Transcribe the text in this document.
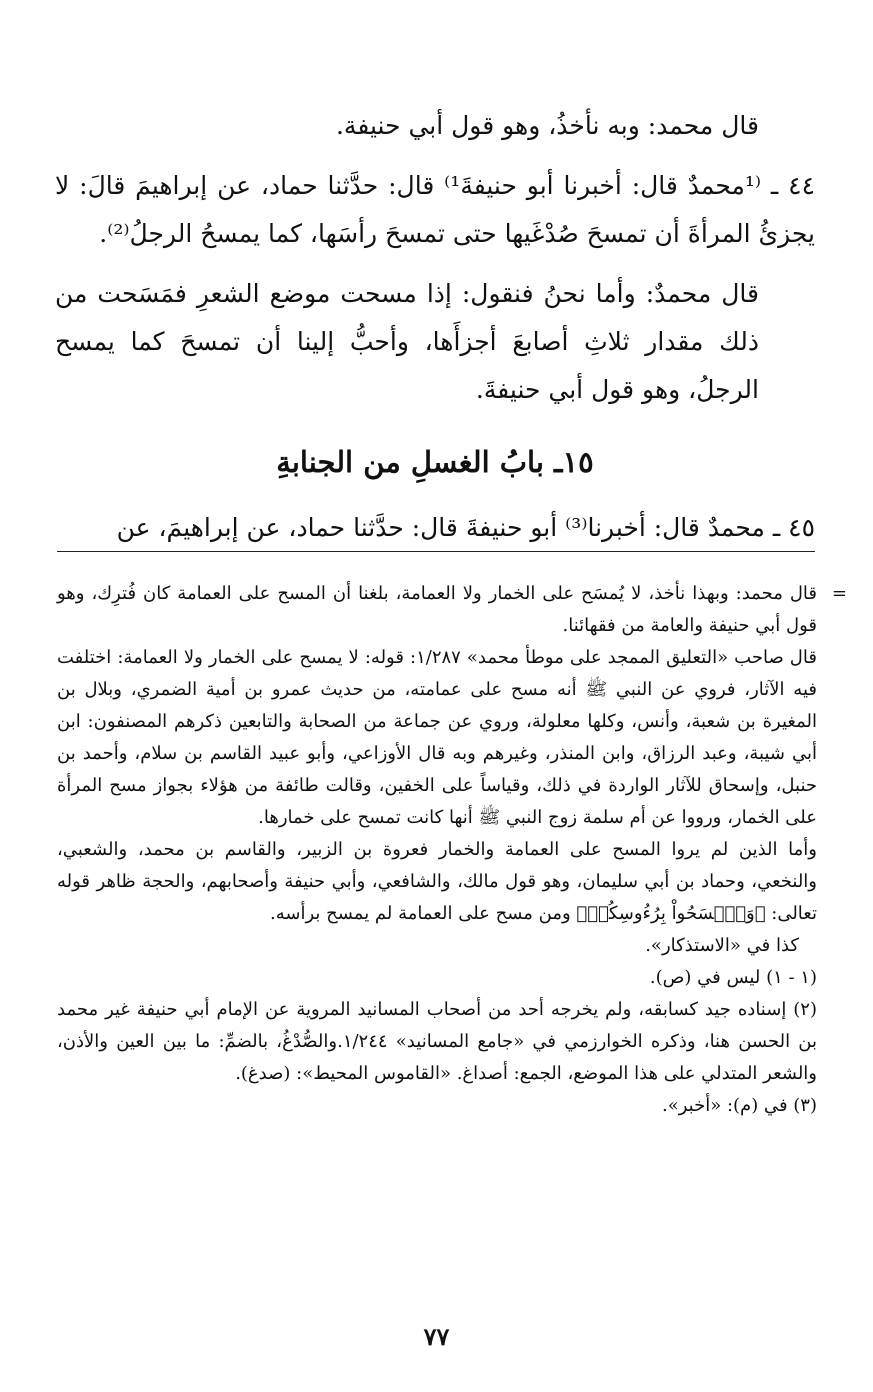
قال محمد: وبه نأخذُ، وهو قول أبي حنيفة.

٤٤ ـ ⁽¹محمدٌ قال: أخبرنا أبو حنيفةَ¹⁾ قال: حدَّثنا حماد، عن إبراهيمَ قالَ: لا يجزئُ المرأةَ أن تمسحَ صُدْغَيها حتى تمسحَ رأسَها، كما يمسحُ الرجلُ⁽²⁾.

قال محمدٌ: وأما نحنُ فنقول: إذا مسحت موضع الشعرِ فمَسَحت من ذلك مقدار ثلاثِ أصابعَ أجزأَها، وأحبُّ إلينا أن تمسحَ كما يمسح الرجلُ، وهو قول أبي حنيفةَ.

١٥ـ بابُ الغسلِ من الجنابةِ

٤٥ ـ محمدٌ قال: أخبرنا⁽³⁾ أبو حنيفةَ قال: حدَّثنا حماد، عن إبراهيمَ، عن

=

قال محمد: وبهذا نأخذ، لا يُمسَح على الخمار ولا العمامة، بلغنا أن المسح على العمامة كان فُترِك، وهو قول أبي حنيفة والعامة من فقهائنا.

قال صاحب «التعليق الممجد على موطأ محمد» ١/٢٨٧: قوله: لا يمسح على الخمار ولا العمامة: اختلفت فيه الآثار، فروي عن النبي ﷺ أنه مسح على عمامته، من حديث عمرو بن أمية الضمري، وبلال بن المغيرة بن شعبة، وأنس، وكلها معلولة، وروي عن جماعة من الصحابة والتابعين ذكرهم المصنفون: ابن أبي شيبة، وعبد الرزاق، وابن المنذر، وغيرهم وبه قال الأوزاعي، وأبو عبيد القاسم بن سلام، وأحمد بن حنبل، وإسحاق للآثار الواردة في ذلك، وقياساً على الخفين، وقالت طائفة من هؤلاء بجواز مسح المرأة على الخمار، ورووا عن أم سلمة زوج النبي ﷺ أنها كانت تمسح على خمارها.

وأما الذين لم يروا المسح على العمامة والخمار فعروة بن الزبير، والقاسم بن محمد، والشعبي، والنخعي، وحماد بن أبي سليمان، وهو قول مالك، والشافعي، وأبي حنيفة وأصحابهم، والحجة ظاهر قوله تعالى: ﴿وَٱمۡسَحُواْ بِرُءُوسِكُمۡ﴾ ومن مسح على العمامة لم يمسح برأسه.

كذا في «الاستذكار».

(١ - ١) ليس في (ص).

(٢) إسناده جيد كسابقه، ولم يخرجه أحد من أصحاب المسانيد المروية عن الإمام أبي حنيفة غير محمد بن الحسن هنا، وذكره الخوارزمي في «جامع المسانيد» ١/٢٤٤.والصُّدْغُ، بالضمِّ: ما بين العين والأذن، والشعر المتدلي على هذا الموضع، الجمع: أصداغ. «القاموس المحيط»: (صدغ).

(٣) في (م): «أخبر».

٧٧
